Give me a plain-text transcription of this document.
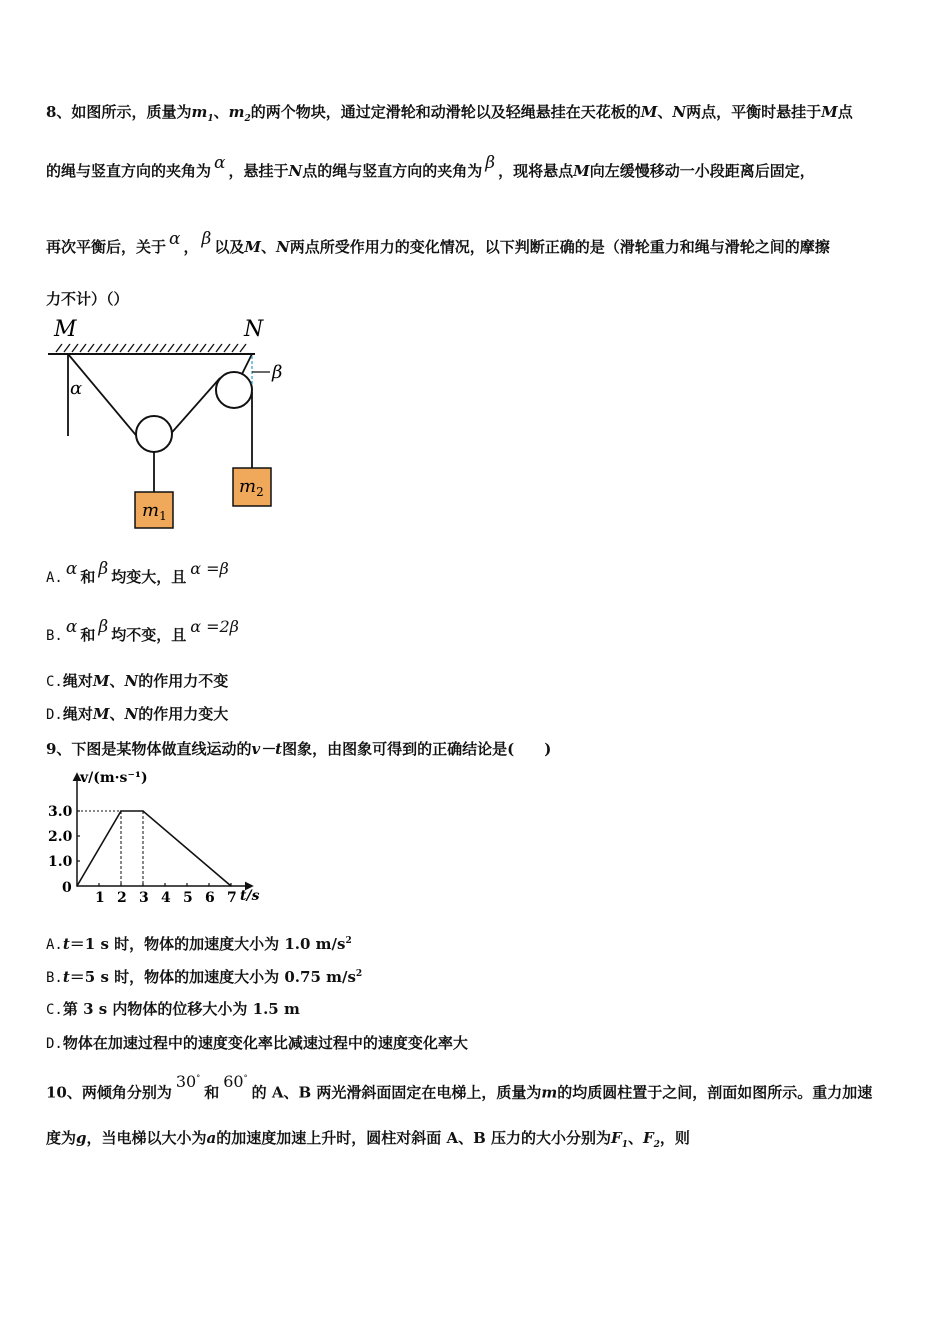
8、如图所示，质量为$m_1$、$m_2$的两个物块，通过定滑轮和动滑轮以及轻绳悬挂在天花板的M、N两点，平衡时悬挂于M点
的绳与竖直方向的夹角为 α ，悬挂于N点的绳与竖直方向的夹角为 β ，现将悬点M向左缓慢移动一小段距离后固定，
再次平衡后，关于 α ， β 以及M、N两点所受作用力的变化情况，以下判断正确的是（滑轮重力和绳与滑轮之间的摩擦
力不计）（）
M	N
α
β
$m_1$
$m_2$
A. α 和 β 均变大，且 α =β
B. α 和 β 均不变，且 α =2β
C.绳对M、N的作用力不变
D.绳对M、N的作用力变大
9、下图是某物体做直线运动的v－t图象，由图象可得到的正确结论是(　　)
v/(m·s⁻¹)
t/s
0
1 2 3 4 5 6 7
1.0
2.0
3.0
A.t＝1 s 时，物体的加速度大小为 1.0 $m/s^2$
B.t＝5 s 时，物体的加速度大小为 0.75 $m/s^2$
C.第 3 s 内物体的位移大小为 1.5 m
D.物体在加速过程中的速度变化率比减速过程中的速度变化率大
10、两倾角分别为30°和60°的 A、B 两光滑斜面固定在电梯上，质量为m的均质圆柱置于之间，剖面如图所示。重力加速
度为g，当电梯以大小为a的加速度加速上升时，圆柱对斜面 A、B 压力的大小分别为$F_1$、$F_2$，则
